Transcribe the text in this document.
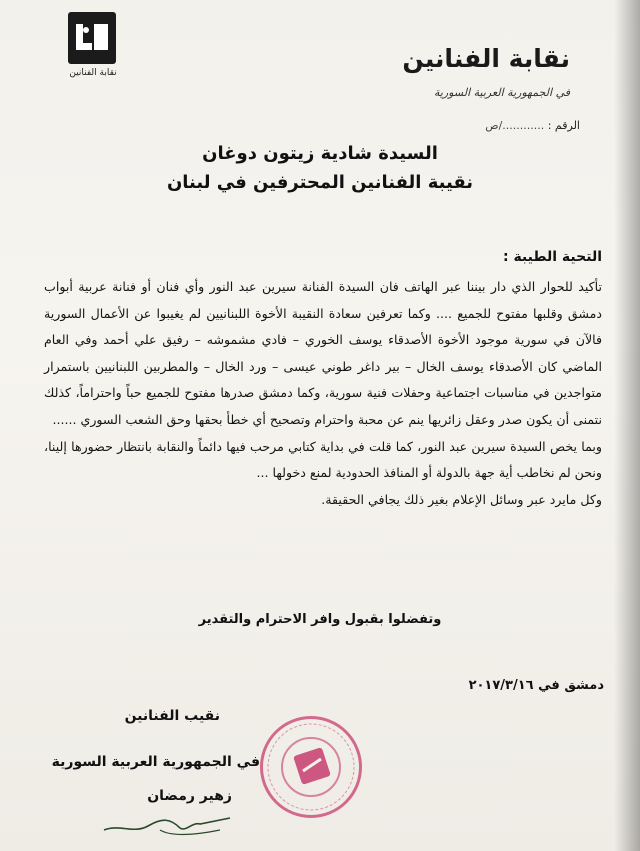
نقابة الفنانين	نقابة الفنانين
في الجمهورية العربية السورية
الرقم : ............/ص
السيدة شادية زيتون دوغان
نقيبة الفنانين المحترفين في لبنان
التحية الطيبة :

تأكيد للحوار الذي دار بيننا عبر الهاتف فان السيدة الفنانة سيرين عبد النور وأي فنان أو فنانة عربية أبواب دمشق وقلبها مفتوح للجميع .... وكما تعرفين سعادة النقيبة الأخوة اللبنانيين لم يغيبوا عن الأعمال السورية فالآن في سورية موجود الأخوة الأصدقاء يوسف الخوري – فادي مشموشه – رفيق علي أحمد وفي العام الماضي كان الأصدقاء يوسف الخال – بير داغر طوني عيسى – ورد الخال – والمطربين اللبنانيين باستمرار متواجدين في مناسبات اجتماعية وحفلات فنية سورية، وكما دمشق صدرها مفتوح للجميع حباً واحتراماً، كذلك نتمنى أن يكون صدر وعقل زائريها ينم عن محبة واحترام وتصحيح أي خطأ بحقها وحق الشعب السوري ......

وبما يخص السيدة سيرين عبد النور، كما قلت في بداية كتابي مرحب فيها دائماً والنقابة بانتظار حضورها إلينا، ونحن لم نخاطب أية جهة بالدولة أو المنافذ الحدودية لمنع دخولها ...

وكل مايرد عبر وسائل الإعلام بغير ذلك يجافي الحقيقة.

وتفضلوا بقبول وافر الاحترام والتقدير
دمشق في ٢٠١٧/٣/١٦
نقيب الفنانين
في الجمهورية العربية السورية
زهير رمضان
